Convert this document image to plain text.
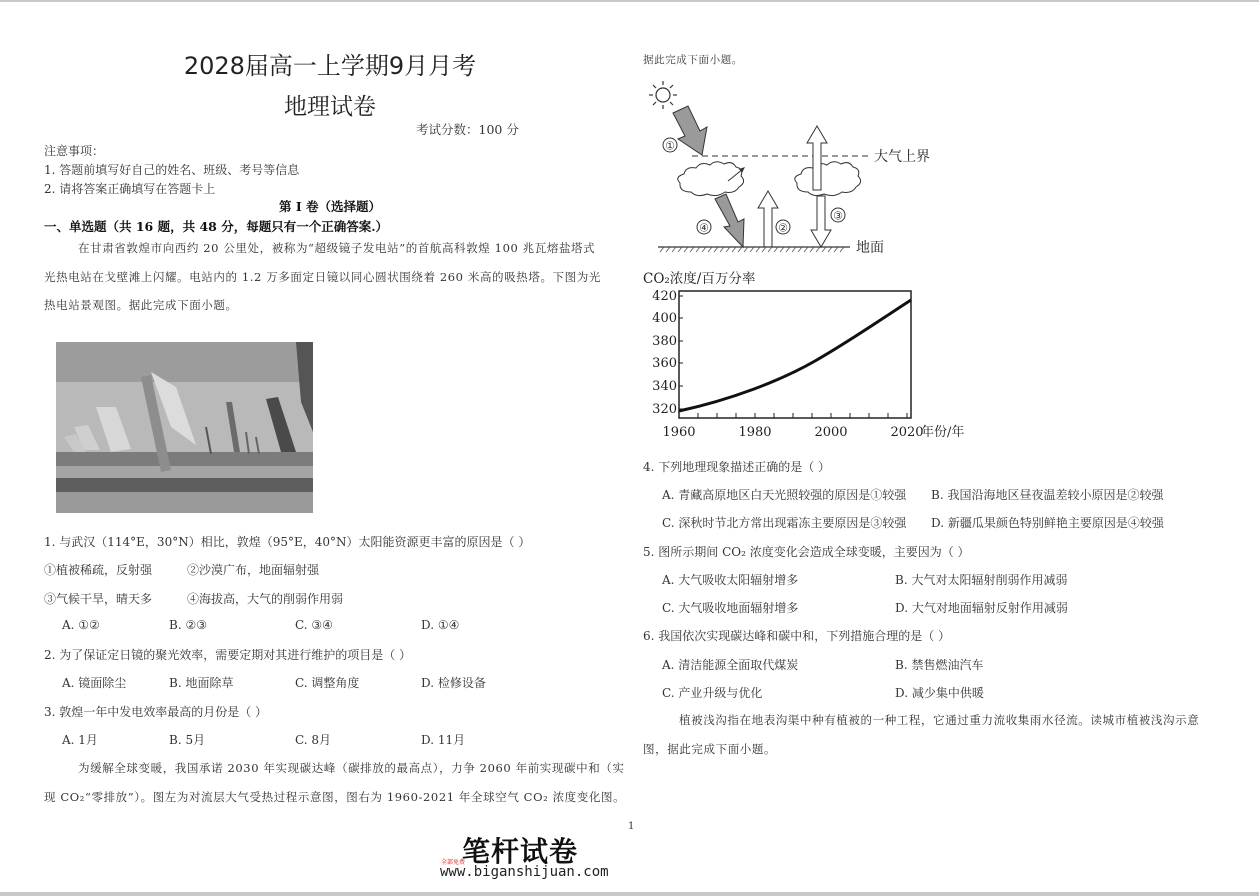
2028届高一上学期9月月考
地理试卷
考试分数：100 分
注意事项：
1. 答题前填写好自己的姓名、班级、考号等信息
2. 请将答案正确填写在答题卡上
第 I 卷（选择题）
一、单选题（共 16 题，共 48 分，每题只有一个正确答案.）
在甘肃省敦煌市向西约 20 公里处，被称为“超级镜子发电站”的首航高科敦煌 100 兆瓦熔盐塔式
光热电站在戈壁滩上闪耀。电站内的 1.2 万多面定日镜以同心圆状围绕着 260 米高的吸热塔。下图为光
热电站景观图。据此完成下面小题。
1. 与武汉（114°E，30°N）相比，敦煌（95°E，40°N）太阳能资源更丰富的原因是（ ）
①植被稀疏，反射强	②沙漠广布，地面辐射强
③气候干旱，晴天多	④海拔高，大气的削弱作用弱
A. ①②	B. ②③	C. ③④	D. ①④
2. 为了保证定日镜的聚光效率，需要定期对其进行维护的项目是（ ）
A. 镜面除尘	B. 地面除草	C. 调整角度	D. 检修设备
3. 敦煌一年中发电效率最高的月份是（ ）
A. 1月	B. 5月	C. 8月	D. 11月
为缓解全球变暖，我国承诺 2030 年实现碳达峰（碳排放的最高点），力争 2060 年前实现碳中和（实
现 CO₂“零排放”）。图左为对流层大气受热过程示意图，图右为 1960-2021 年全球空气 CO₂ 浓度变化图。
据此完成下面小题。
①
大气上界
④	②
③
地面
CO₂浓度/百万分率
420
400
380
360
340
320
1960	1980	2000	2020
年份/年
4. 下列地理现象描述正确的是（ ）
A. 青藏高原地区白天光照较强的原因是①较强 B. 我国沿海地区昼夜温差较小原因是②较强
C. 深秋时节北方常出现霜冻主要原因是③较强 D. 新疆瓜果颜色特别鲜艳主要原因是④较强
5. 图所示期间 CO₂ 浓度变化会造成全球变暖，主要因为（ ）
A. 大气吸收太阳辐射增多	B. 大气对太阳辐射削弱作用减弱
C. 大气吸收地面辐射增多	D. 大气对地面辐射反射作用减弱
6. 我国依次实现碳达峰和碳中和，下列措施合理的是（ ）
A. 清洁能源全面取代煤炭	B. 禁售燃油汽车
C. 产业升级与优化	D. 减少集中供暖
植被浅沟指在地表沟渠中种有植被的一种工程，它通过重力流收集雨水径流。读城市植被浅沟示意
图，据此完成下面小题。
1
全部免费
笔杆试卷
www.biganshijuan.com
